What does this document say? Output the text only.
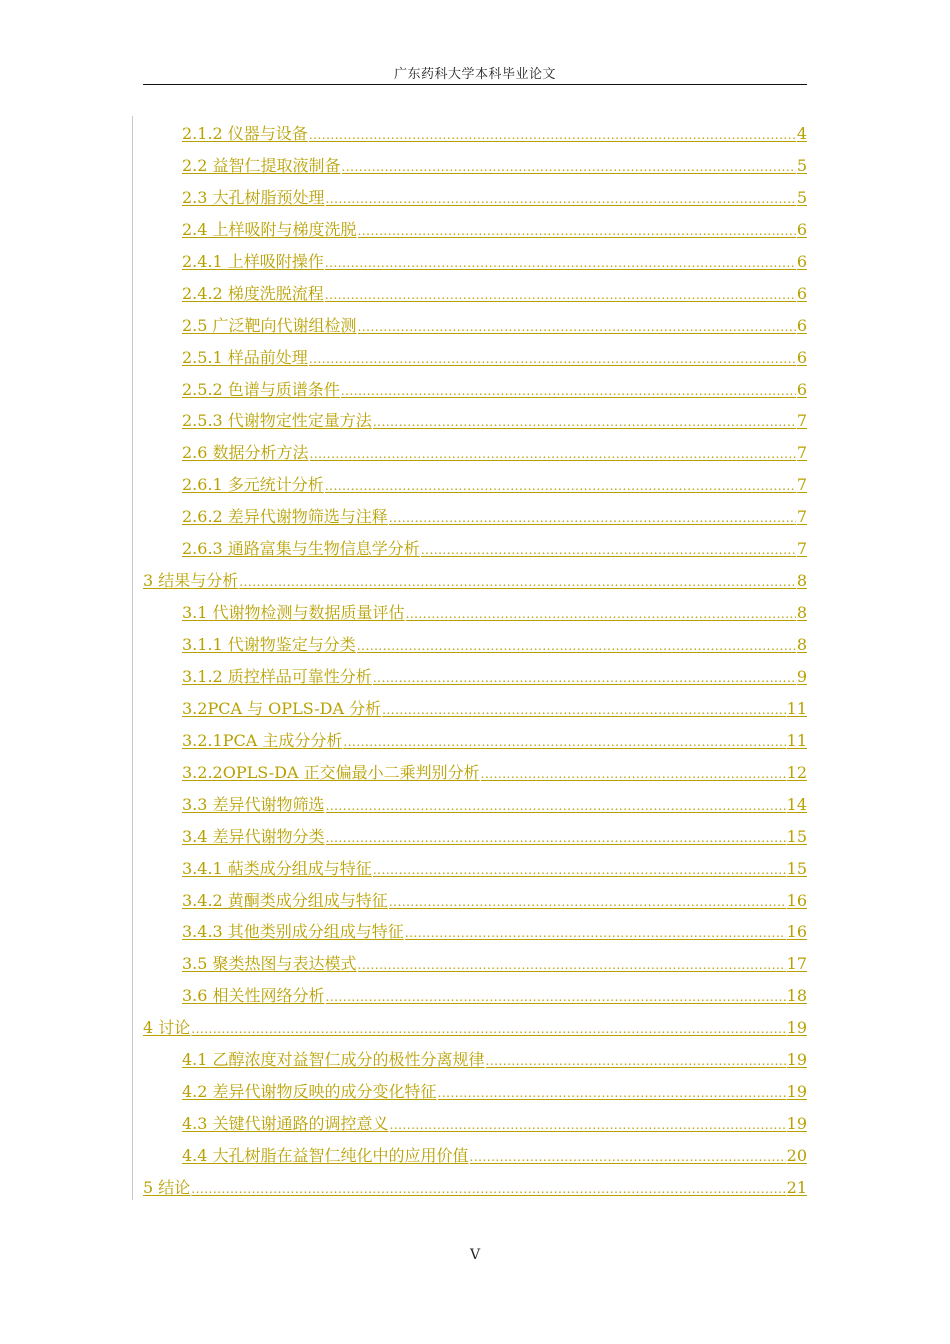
广东药科大学本科毕业论文
2.1.2 仪器与设备 .....	4
2.2 益智仁提取液制备 .....	5
2.3 大孔树脂预处理 .....	5
2.4 上样吸附与梯度洗脱 .....	6
2.4.1 上样吸附操作 .....	6
2.4.2 梯度洗脱流程 .....	6
2.5 广泛靶向代谢组检测 .....	6
2.5.1 样品前处理 .....	6
2.5.2 色谱与质谱条件 .....	6
2.5.3 代谢物定性定量方法 .....	7
2.6 数据分析方法 .....	7
2.6.1 多元统计分析 .....	7
2.6.2 差异代谢物筛选与注释 .....	7
2.6.3 通路富集与生物信息学分析 .....	7
3 结果与分析 .....	8
3.1 代谢物检测与数据质量评估 .....	8
3.1.1 代谢物鉴定与分类 .....	8
3.1.2 质控样品可靠性分析 .....	9
3.2PCA 与 OPLS-DA 分析 .....	11
3.2.1PCA 主成分分析 .....	11
3.2.2OPLS-DA 正交偏最小二乘判别分析 .....	12
3.3 差异代谢物筛选 .....	14
3.4 差异代谢物分类 .....	15
3.4.1 萜类成分组成与特征 .....	15
3.4.2 黄酮类成分组成与特征 .....	16
3.4.3 其他类别成分组成与特征 .....	16
3.5 聚类热图与表达模式 .....	17
3.6 相关性网络分析 .....	18
4 讨论 .....	19
4.1 乙醇浓度对益智仁成分的极性分离规律 .....	19
4.2 差异代谢物反映的成分变化特征 .....	19
4.3 关键代谢通路的调控意义 .....	19
4.4 大孔树脂在益智仁纯化中的应用价值 .....	20
5 结论 .....	21
V
